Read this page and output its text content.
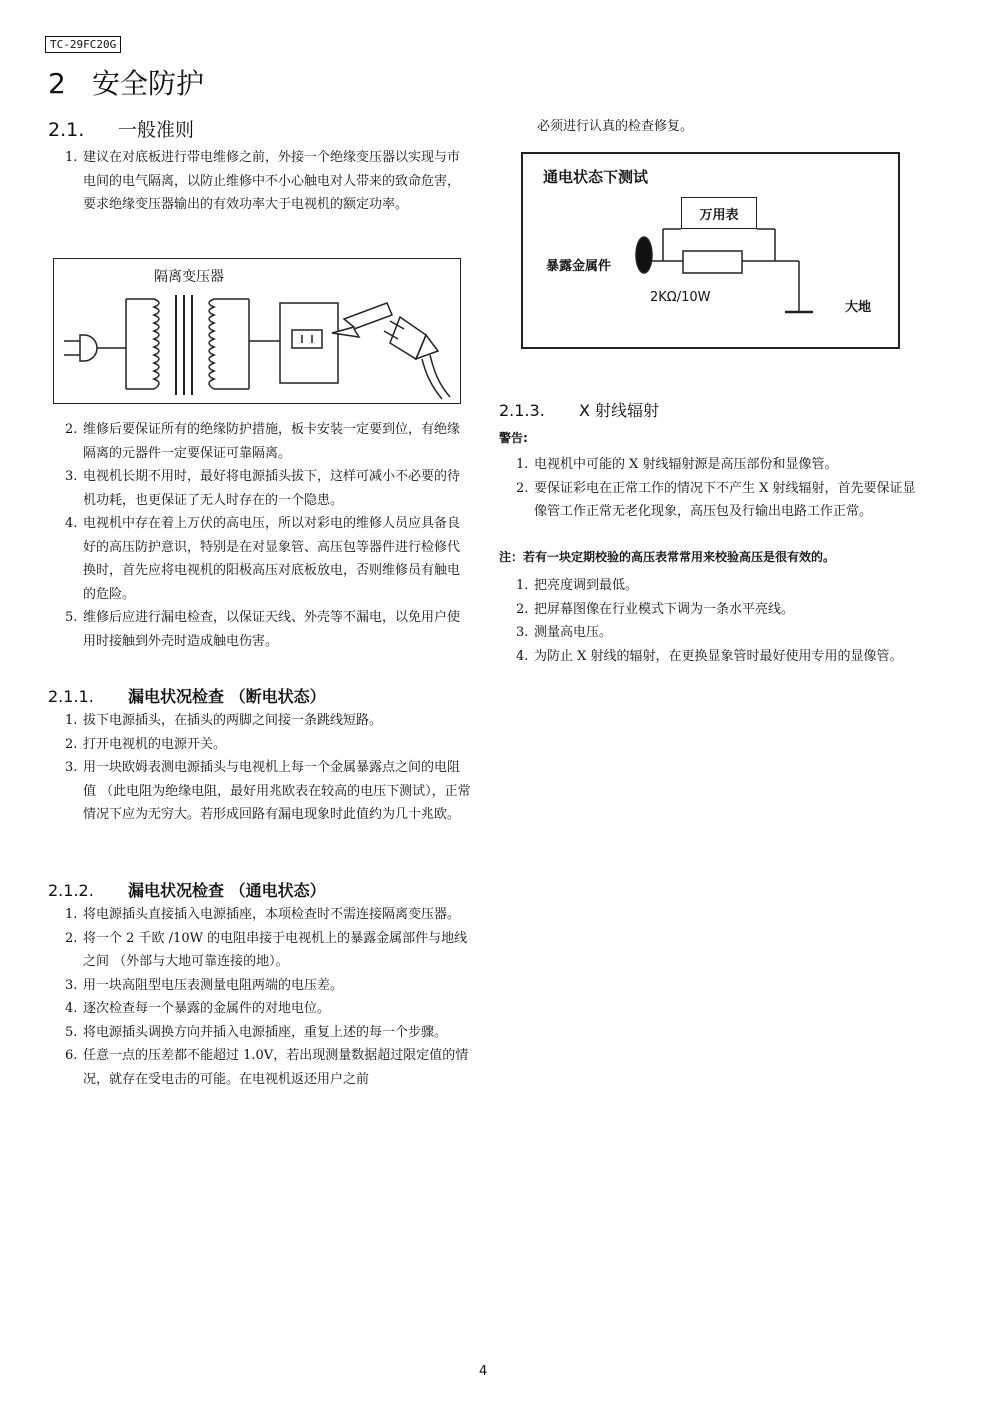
TC-29FC20G
2 安全防护
2.1. 一般准则
1. 建议在对底板进行带电维修之前，外接一个绝缘变压器以实现与市电间的电气隔离，以防止维修中不小心触电对人带来的致命危害，要求绝缘变压器输出的有效功率大于电视机的额定功率。
隔离变压器
2. 维修后要保证所有的绝缘防护措施，板卡安装一定要到位，有绝缘隔离的元器件一定要保证可靠隔离。
3. 电视机长期不用时，最好将电源插头拔下，这样可减小不必要的待机功耗，也更保证了无人时存在的一个隐患。
4. 电视机中存在着上万伏的高电压，所以对彩电的维修人员应具备良好的高压防护意识，特别是在对显象管、高压包等器件进行检修代换时，首先应将电视机的阳极高压对底板放电，否则维修员有触电的危险。
5. 维修后应进行漏电检查，以保证天线、外壳等不漏电，以免用户使用时接触到外壳时造成触电伤害。
2.1.1. 漏电状况检查 （断电状态）
1. 拔下电源插头，在插头的两脚之间接一条跳线短路。
2. 打开电视机的电源开关。
3. 用一块欧姆表测电源插头与电视机上每一个金属暴露点之间的电阻值 （此电阻为绝缘电阻，最好用兆欧表在较高的电压下测试），正常情况下应为无穷大。若形成回路有漏电现象时此值约为几十兆欧。
2.1.2. 漏电状况检查 （通电状态）
1. 将电源插头直接插入电源插座，本项检查时不需连接隔离变压器。
2. 将一个 2 千欧 /10W 的电阻串接于电视机上的暴露金属部件与地线之间 （外部与大地可靠连接的地）。
3. 用一块高阻型电压表测量电阻两端的电压差。
4. 逐次检查每一个暴露的金属件的对地电位。
5. 将电源插头调换方向并插入电源插座，重复上述的每一个步骤。
6. 任意一点的压差都不能超过 1.0V，若出现测量数据超过限定值的情况，就存在受电击的可能。在电视机返还用户之前
必须进行认真的检查修复。
通电状态下测试
暴露金属件
2KΩ/10W
大地
万用表
2.1.3. X 射线辐射
警告:
1. 电视机中可能的 X 射线辐射源是高压部份和显像管。
2. 要保证彩电在正常工作的情况下不产生 X 射线辐射，首先要保证显像管工作正常无老化现象，高压包及行输出电路工作正常。
注：若有一块定期校验的高压表常常用来校验高压是很有效的。
1. 把亮度调到最低。
2. 把屏幕图像在行业模式下调为一条水平亮线。
3. 测量高电压。
4. 为防止 X 射线的辐射，在更换显象管时最好使用专用的显像管。
4
